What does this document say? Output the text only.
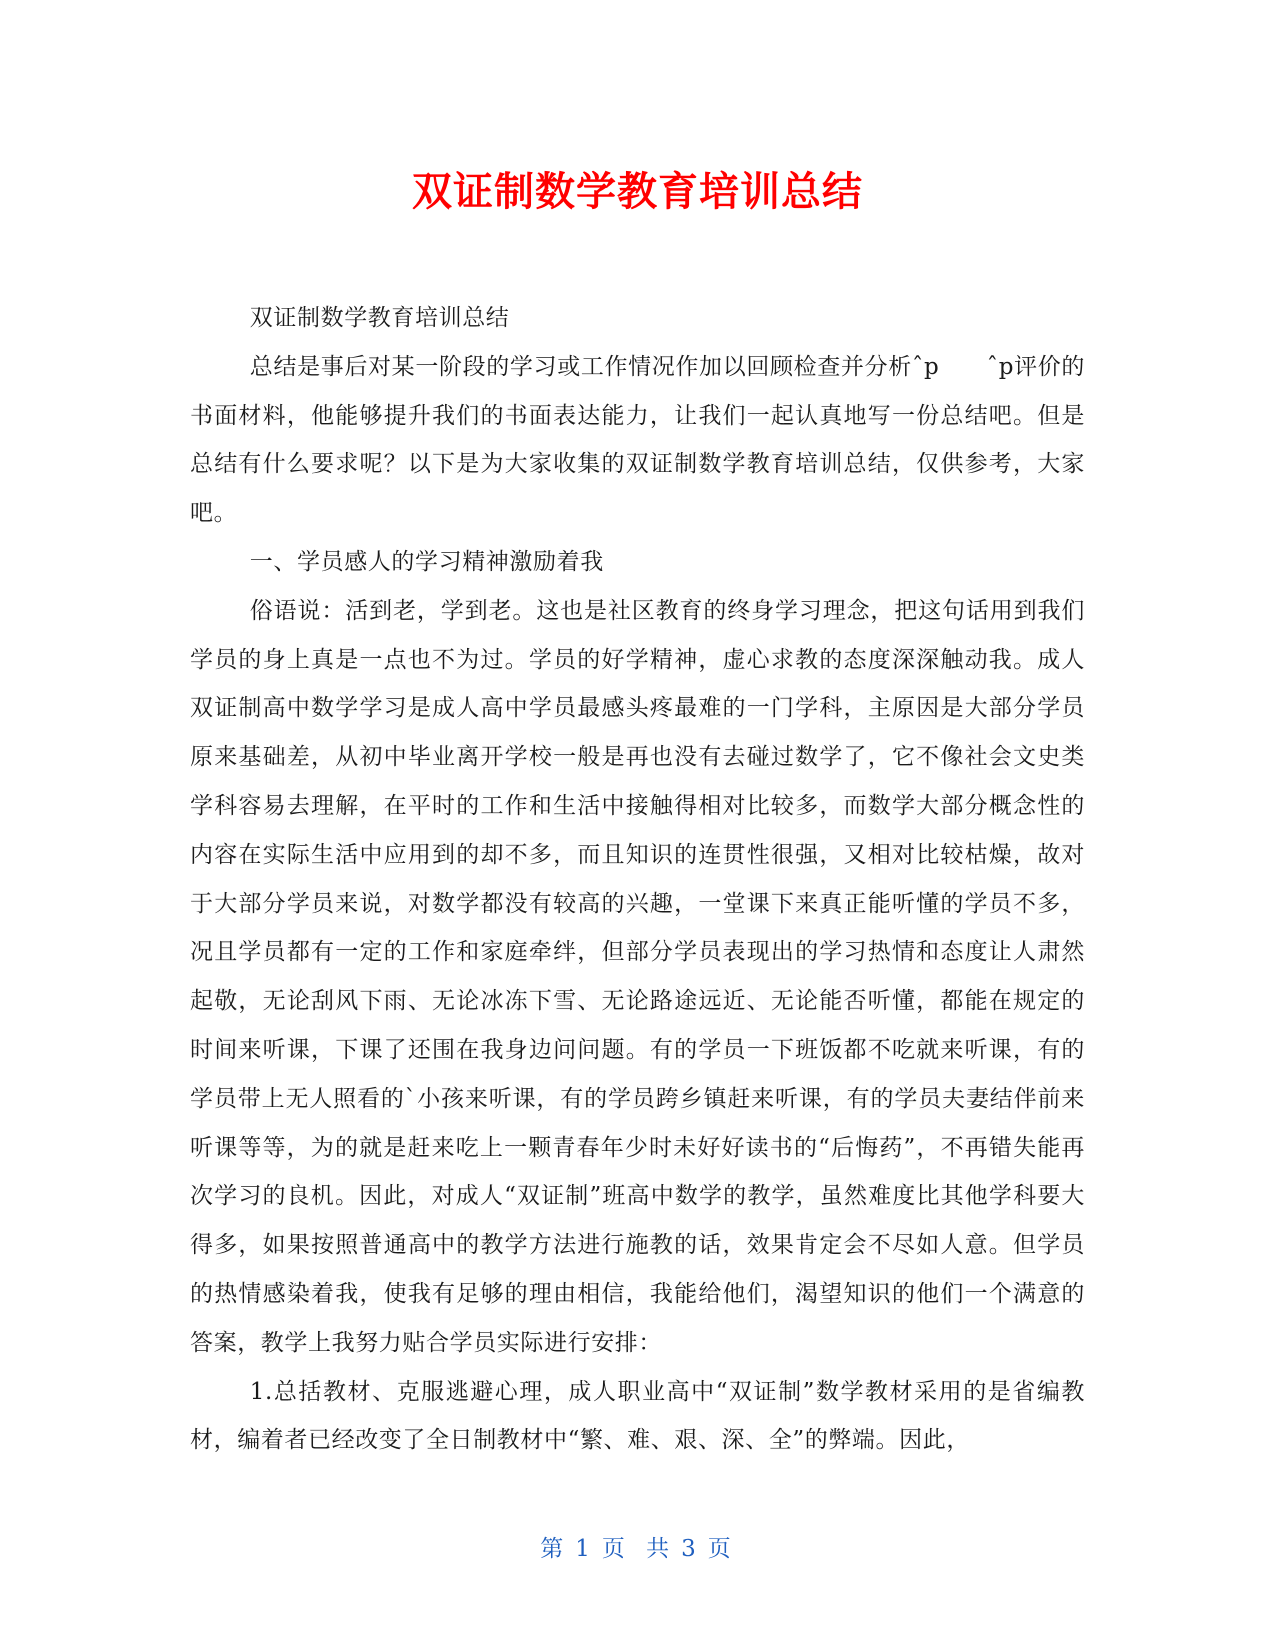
双证制数学教育培训总结

双证制数学教育培训总结

总结是事后对某一阶段的学习或工作情况作加以回顾检查并分析ˆp　　ˆp评价的书面材料，他能够提升我们的书面表达能力，让我们一起认真地写一份总结吧。但是总结有什么要求呢？以下是为大家收集的双证制数学教育培训总结，仅供参考，大家吧。

一、学员感人的学习精神激励着我

俗语说：活到老，学到老。这也是社区教育的终身学习理念，把这句话用到我们学员的身上真是一点也不为过。学员的好学精神，虚心求教的态度深深触动我。成人双证制高中数学学习是成人高中学员最感头疼最难的一门学科，主原因是大部分学员原来基础差，从初中毕业离开学校一般是再也没有去碰过数学了，它不像社会文史类学科容易去理解，在平时的工作和生活中接触得相对比较多，而数学大部分概念性的内容在实际生活中应用到的却不多，而且知识的连贯性很强，又相对比较枯燥，故对于大部分学员来说，对数学都没有较高的兴趣，一堂课下来真正能听懂的学员不多，况且学员都有一定的工作和家庭牵绊，但部分学员表现出的学习热情和态度让人肃然起敬，无论刮风下雨、无论冰冻下雪、无论路途远近、无论能否听懂，都能在规定的时间来听课，下课了还围在我身边问问题。有的学员一下班饭都不吃就来听课，有的学员带上无人照看的`小孩来听课，有的学员跨乡镇赶来听课，有的学员夫妻结伴前来听课等等，为的就是赶来吃上一颗青春年少时未好好读书的“后悔药”，不再错失能再次学习的良机。因此，对成人“双证制”班高中数学的教学，虽然难度比其他学科要大得多，如果按照普通高中的教学方法进行施教的话，效果肯定会不尽如人意。但学员的热情感染着我，使我有足够的理由相信，我能给他们，渴望知识的他们一个满意的答案，教学上我努力贴合学员实际进行安排：

1.总括教材、克服逃避心理，成人职业高中“双证制”数学教材采用的是省编教材，编着者已经改变了全日制教材中“繁、难、艰、深、全”的弊端。因此，

第 1 页 共 3 页
